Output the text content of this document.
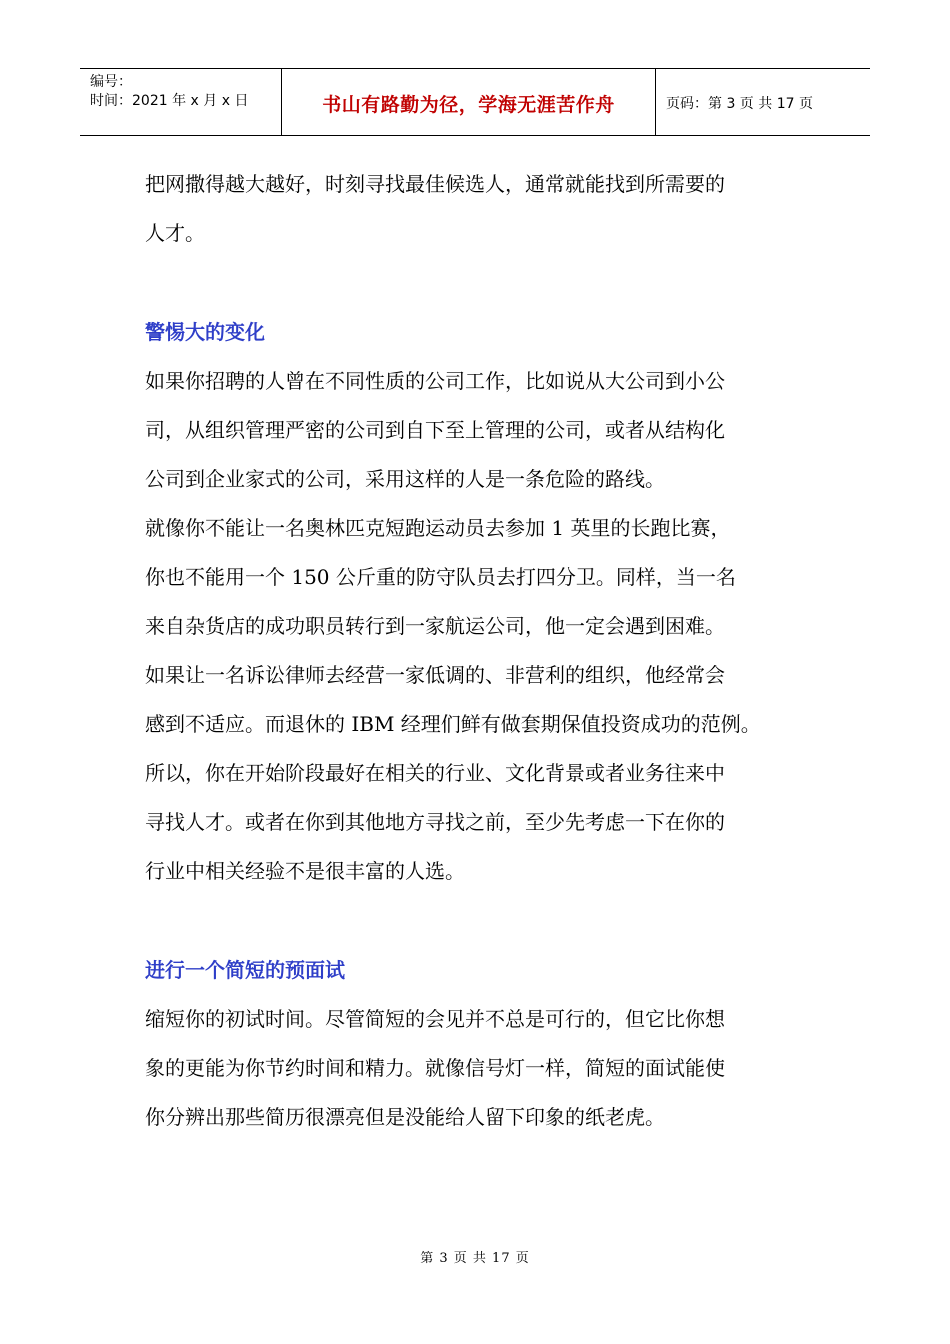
编号：
时间：2021 年 x 月 x 日	书山有路勤为径，学海无涯苦作舟	页码：第 3 页 共 17 页

把网撒得越大越好，时刻寻找最佳候选人，通常就能找到所需要的

人才。

警惕大的变化

如果你招聘的人曾在不同性质的公司工作，比如说从大公司到小公

司，从组织管理严密的公司到自下至上管理的公司，或者从结构化

公司到企业家式的公司，采用这样的人是一条危险的路线。

就像你不能让一名奥林匹克短跑运动员去参加 1 英里的长跑比赛，

你也不能用一个 150 公斤重的防守队员去打四分卫。同样，当一名

来自杂货店的成功职员转行到一家航运公司，他一定会遇到困难。

如果让一名诉讼律师去经营一家低调的、非营利的组织，他经常会

感到不适应。而退休的 IBM 经理们鲜有做套期保值投资成功的范例。

所以，你在开始阶段最好在相关的行业、文化背景或者业务往来中

寻找人才。或者在你到其他地方寻找之前，至少先考虑一下在你的

行业中相关经验不是很丰富的人选。

进行一个简短的预面试

缩短你的初试时间。尽管简短的会见并不总是可行的，但它比你想

象的更能为你节约时间和精力。就像信号灯一样，简短的面试能使

你分辨出那些简历很漂亮但是没能给人留下印象的纸老虎。

第 3 页 共 17 页
